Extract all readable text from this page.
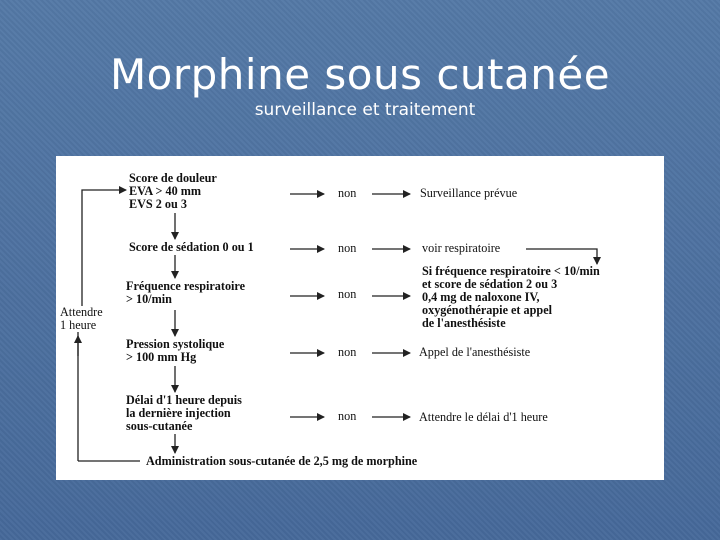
Morphine sous cutanée
surveillance et traitement
Score de douleur
EVA > 40 mm
EVS 2 ou 3
Score de sédation 0 ou 1
Fréquence respiratoire
> 10/min
Pression systolique
> 100 mm Hg
Délai d'1 heure depuis
la dernière injection
sous-cutanée
non
non
non
non
non
Surveillance prévue
voir respiratoire
Si fréquence respiratoire < 10/min
et score de sédation 2 ou 3
0,4 mg de naloxone IV,
oxygénothérapie et appel
de l'anesthésiste
Appel de l'anesthésiste
Attendre le délai d'1 heure
Attendre
1 heure
Administration sous-cutanée de 2,5 mg de morphine
